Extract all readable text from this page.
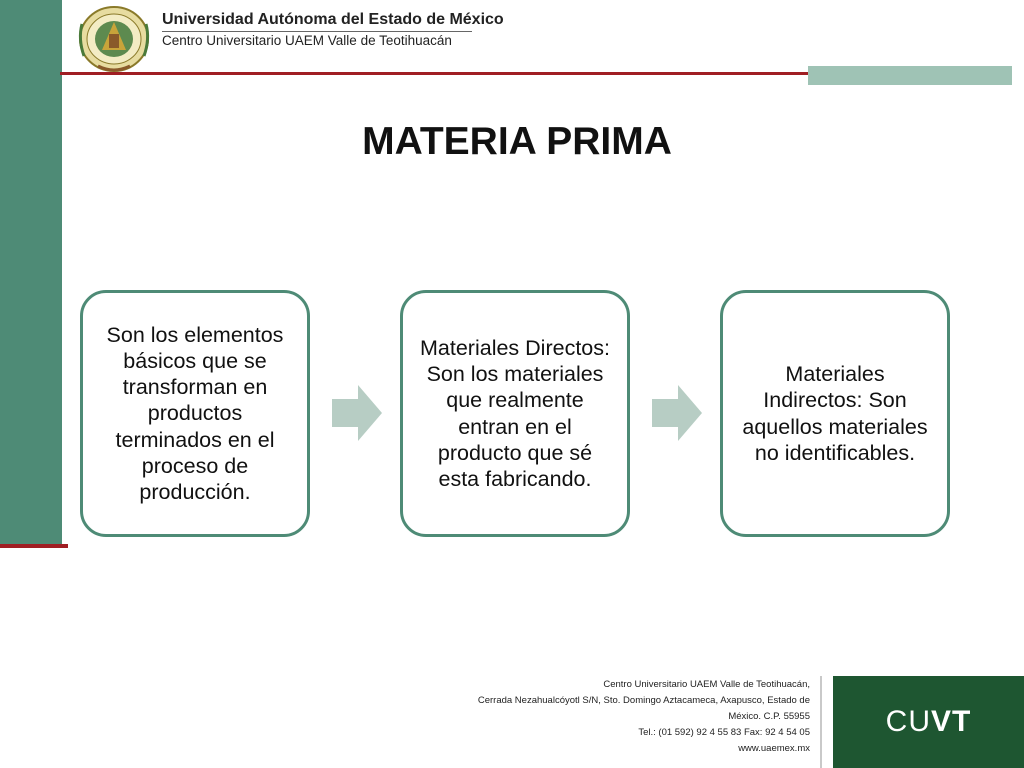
Universidad Autónoma del Estado de México
Centro Universitario UAEM Valle de Teotihuacán
MATERIA PRIMA
Son los elementos básicos que se transforman en productos terminados en el proceso de producción.
Materiales Directos: Son los materiales que realmente entran en el producto que sé esta fabricando.
Materiales Indirectos: Son aquellos materiales no identificables.
Centro Universitario UAEM Valle de Teotihuacán,
Cerrada Nezahualcóyotl S/N, Sto. Domingo Aztacameca, Axapusco, Estado de
México. C.P. 55955
Tel.: (01 592) 92 4 55 83 Fax: 92 4 54 05
www.uaemex.mx
CUVT
